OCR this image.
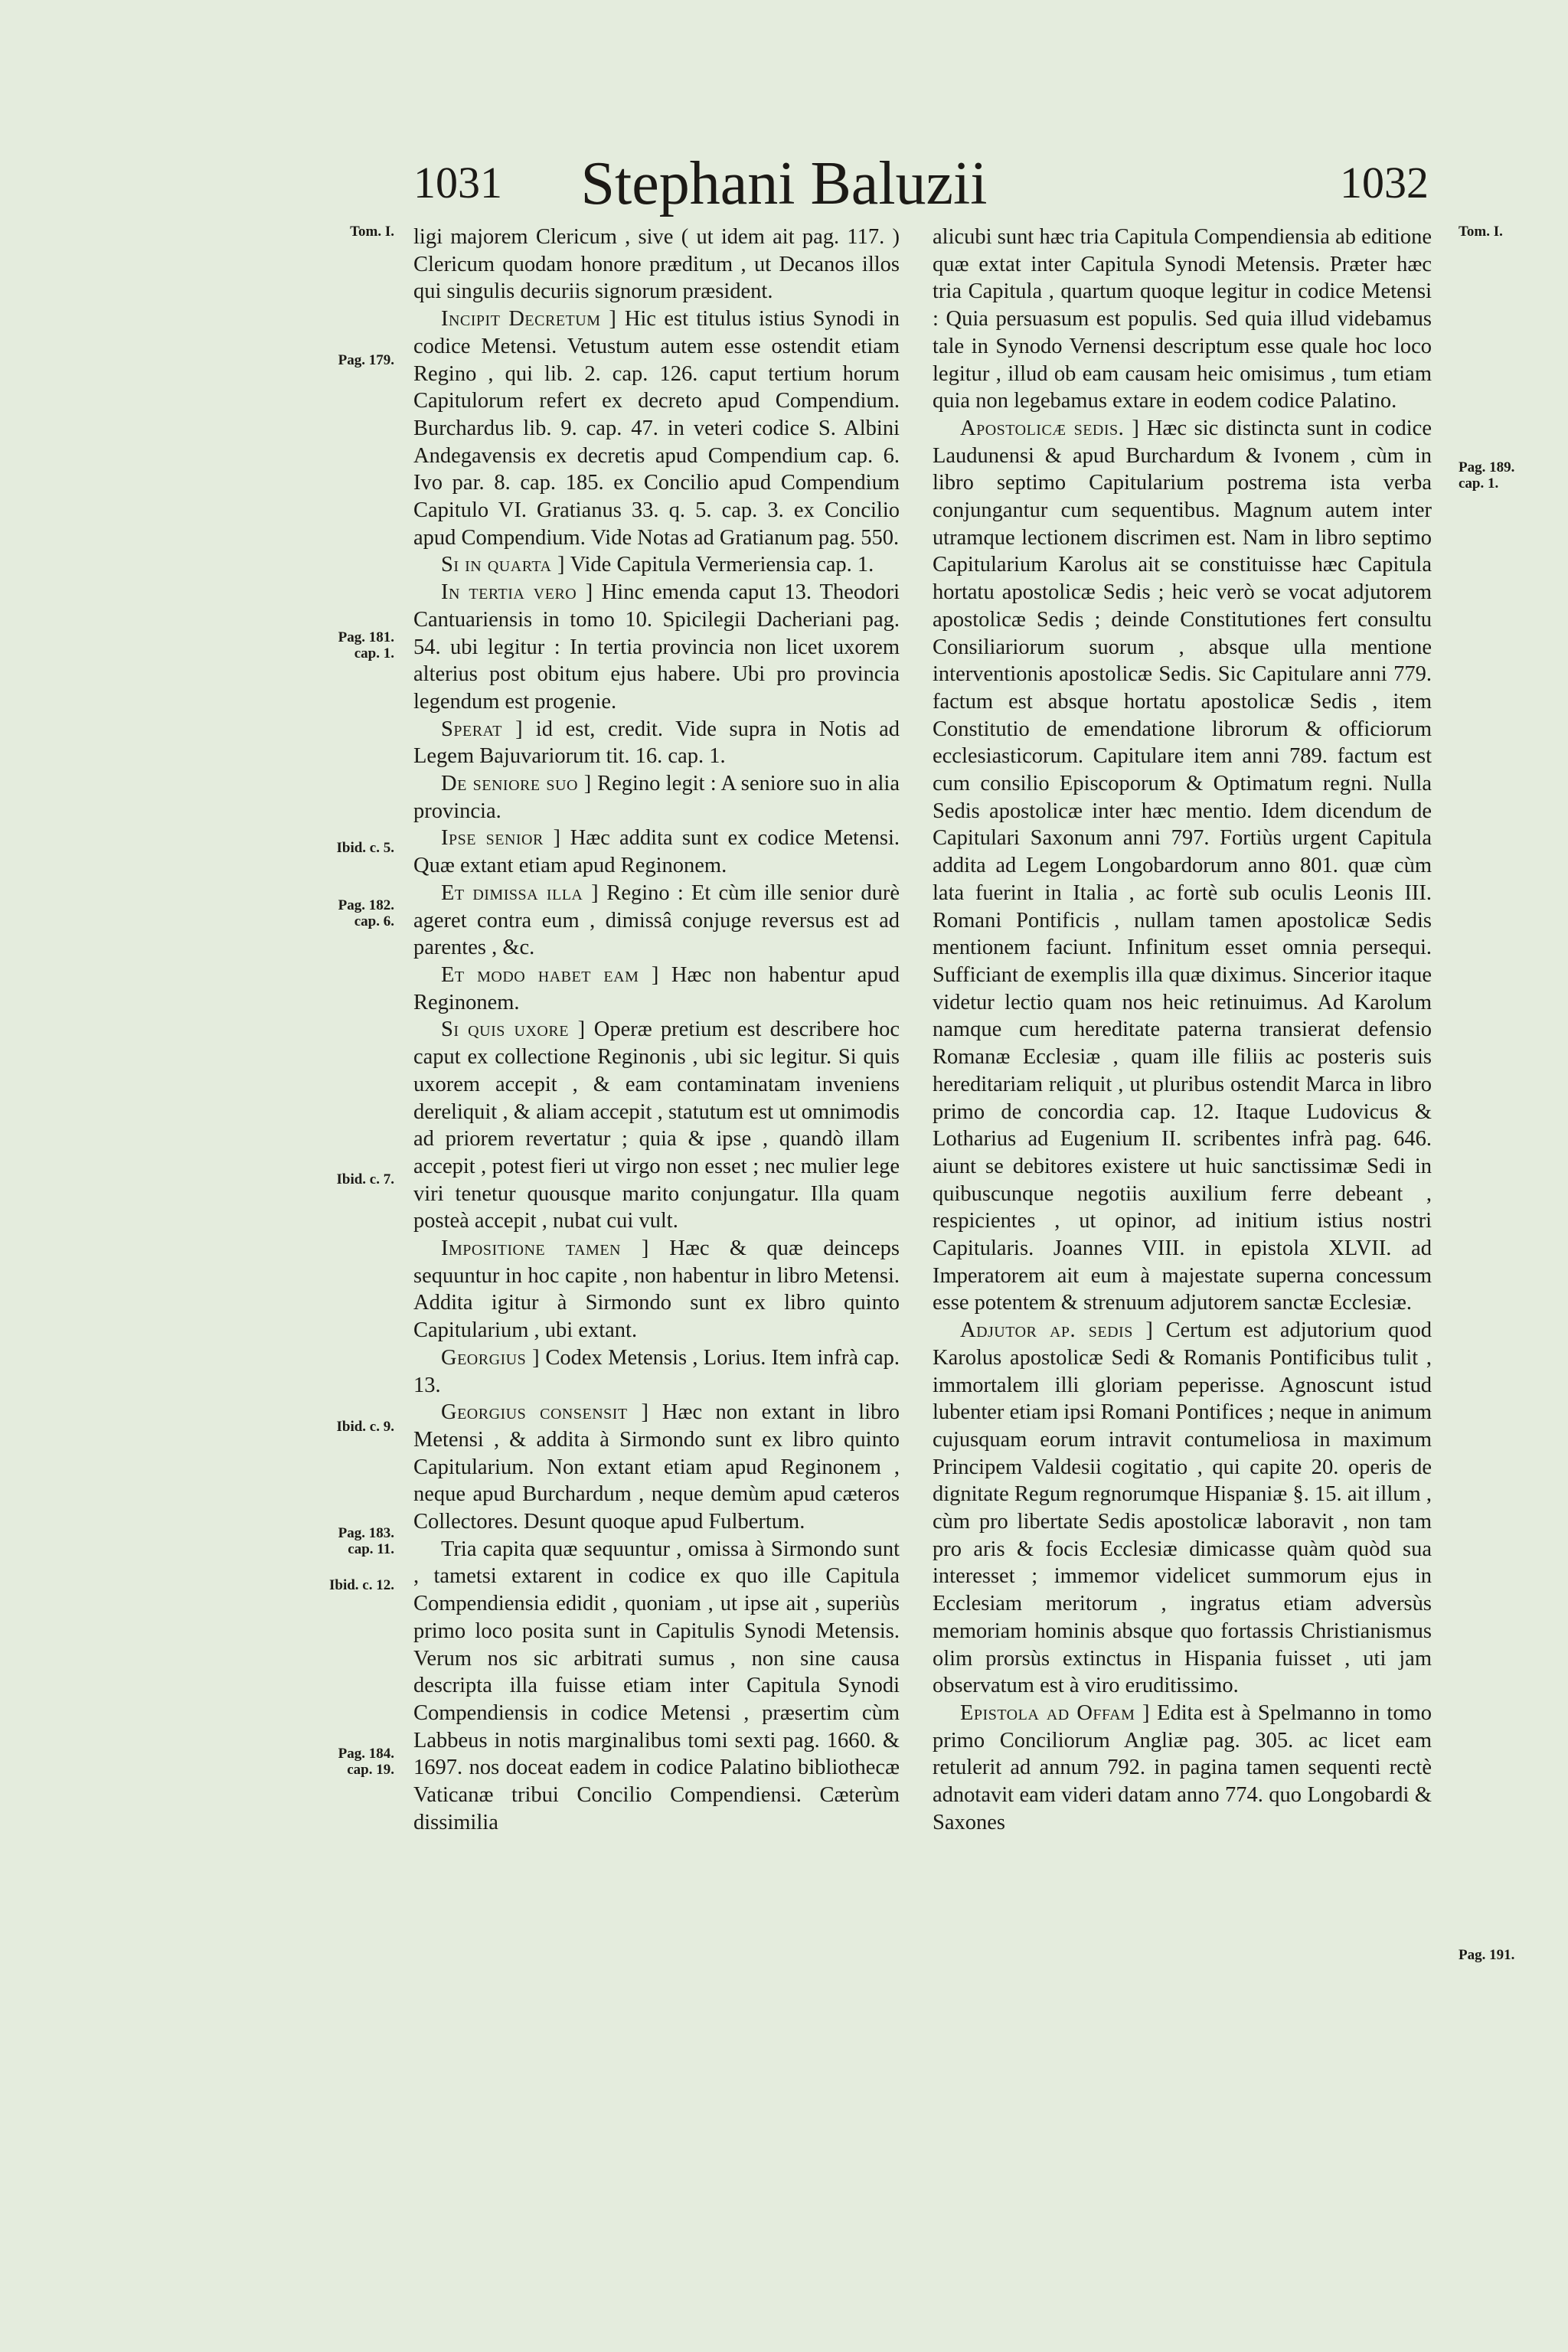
1031	Stephani Baluzii	1032
Tom. I.
Pag. 179.
Pag. 181.
cap. 1.
Ibid. c. 5.
Pag. 182.
cap. 6.
Ibid. c. 7.
Ibid. c. 9.
Pag. 183.
cap. 11.
Ibid. c. 12.
Pag. 184.
cap. 19.
Tom. I.
Pag. 189.
cap. 1.
Pag. 191.

ligi majorem Clericum , sive ( ut idem ait pag. 117. ) Clericum quodam honore præditum , ut Decanos illos qui singulis decuriis signorum præsident.

Incipit Decretum ] Hic est titulus istius Synodi in codice Metensi. Vetustum autem esse ostendit etiam Regino , qui lib. 2. cap. 126. caput tertium horum Capitulorum refert ex decreto apud Compendium. Burchardus lib. 9. cap. 47. in veteri codice S. Albini Andegavensis ex decretis apud Compendium cap. 6. Ivo par. 8. cap. 185. ex Concilio apud Compendium Capitulo VI. Gratianus 33. q. 5. cap. 3. ex Concilio apud Compendium. Vide Notas ad Gratianum pag. 550.

Si in quarta ] Vide Capitula Vermeriensia cap. 1.

In tertia vero ] Hinc emenda caput 13. Theodori Cantuariensis in tomo 10. Spicilegii Dacheriani pag. 54. ubi legitur : In tertia provincia non licet uxorem alterius post obitum ejus habere. Ubi pro provincia legendum est progenie.

Sperat ] id est, credit. Vide supra in Notis ad Legem Bajuvariorum tit. 16. cap. 1.

De seniore suo ] Regino legit : A seniore suo in alia provincia.

Ipse senior ] Hæc addita sunt ex codice Metensi. Quæ extant etiam apud Reginonem.

Et dimissa illa ] Regino : Et cùm ille senior durè ageret contra eum , dimissâ conjuge reversus est ad parentes , &c.

Et modo habet eam ] Hæc non habentur apud Reginonem.

Si quis uxore ] Operæ pretium est describere hoc caput ex collectione Reginonis , ubi sic legitur. Si quis uxorem accepit , & eam contaminatam inveniens dereliquit , & aliam accepit , statutum est ut omnimodis ad priorem revertatur ; quia & ipse , quandò illam accepit , potest fieri ut virgo non esset ; nec mulier lege viri tenetur quousque marito conjungatur. Illa quam posteà accepit , nubat cui vult.

Impositione tamen ] Hæc & quæ deinceps sequuntur in hoc capite , non habentur in libro Metensi. Addita igitur à Sirmondo sunt ex libro quinto Capitularium , ubi extant.

Georgius ] Codex Metensis , Lorius. Item infrà cap. 13.

Georgius consensit ] Hæc non extant in libro Metensi , & addita à Sirmondo sunt ex libro quinto Capitularium. Non extant etiam apud Reginonem , neque apud Burchardum , neque demùm apud cæteros Collectores. Desunt quoque apud Fulbertum.

Tria capita quæ sequuntur , omissa à Sirmondo sunt , tametsi extarent in codice ex quo ille Capitula Compendiensia edidit , quoniam , ut ipse ait , superiùs primo loco posita sunt in Capitulis Synodi Metensis. Verum nos sic arbitrati sumus , non sine causa descripta illa fuisse etiam inter Capitula Synodi Compendiensis in codice Metensi , præsertim cùm Labbeus in notis marginalibus tomi sexti pag. 1660. & 1697. nos doceat eadem in codice Palatino bibliothecæ Vaticanæ tribui Concilio Compendiensi. Cæterùm dissimilia

alicubi sunt hæc tria Capitula Compendiensia ab editione quæ extat inter Capitula Synodi Metensis. Præter hæc tria Capitula , quartum quoque legitur in codice Metensi : Quia persuasum est populis. Sed quia illud videbamus tale in Synodo Vernensi descriptum esse quale hoc loco legitur , illud ob eam causam heic omisimus , tum etiam quia non legebamus extare in eodem codice Palatino.

Apostolicæ sedis. ] Hæc sic distincta sunt in codice Laudunensi & apud Burchardum & Ivonem , cùm in libro septimo Capitularium postrema ista verba conjungantur cum sequentibus. Magnum autem inter utramque lectionem discrimen est. Nam in libro septimo Capitularium Karolus ait se constituisse hæc Capitula hortatu apostolicæ Sedis ; heic verò se vocat adjutorem apostolicæ Sedis ; deinde Constitutiones fert consultu Consiliariorum suorum , absque ulla mentione interventionis apostolicæ Sedis. Sic Capitulare anni 779. factum est absque hortatu apostolicæ Sedis , item Constitutio de emendatione librorum & officiorum ecclesiasticorum. Capitulare item anni 789. factum est cum consilio Episcoporum & Optimatum regni. Nulla Sedis apostolicæ inter hæc mentio. Idem dicendum de Capitulari Saxonum anni 797. Fortiùs urgent Capitula addita ad Legem Longobardorum anno 801. quæ cùm lata fuerint in Italia , ac fortè sub oculis Leonis III. Romani Pontificis , nullam tamen apostolicæ Sedis mentionem faciunt. Infinitum esset omnia persequi. Sufficiant de exemplis illa quæ diximus. Sincerior itaque videtur lectio quam nos heic retinuimus. Ad Karolum namque cum hereditate paterna transierat defensio Romanæ Ecclesiæ , quam ille filiis ac posteris suis hereditariam reliquit , ut pluribus ostendit Marca in libro primo de concordia cap. 12. Itaque Ludovicus & Lotharius ad Eugenium II. scribentes infrà pag. 646. aiunt se debitores existere ut huic sanctissimæ Sedi in quibuscunque negotiis auxilium ferre debeant , respicientes , ut opinor, ad initium istius nostri Capitularis. Joannes VIII. in epistola XLVII. ad Imperatorem ait eum à majestate superna concessum esse potentem & strenuum adjutorem sanctæ Ecclesiæ.

Adjutor ap. sedis ] Certum est adjutorium quod Karolus apostolicæ Sedi & Romanis Pontificibus tulit , immortalem illi gloriam peperisse. Agnoscunt istud lubenter etiam ipsi Romani Pontifices ; neque in animum cujusquam eorum intravit contumeliosa in maximum Principem Valdesii cogitatio , qui capite 20. operis de dignitate Regum regnorumque Hispaniæ §. 15. ait illum , cùm pro libertate Sedis apostolicæ laboravit , non tam pro aris & focis Ecclesiæ dimicasse quàm quòd sua interesset ; immemor videlicet summorum ejus in Ecclesiam meritorum , ingratus etiam adversùs memoriam hominis absque quo fortassis Christianismus olim prorsùs extinctus in Hispania fuisset , uti jam observatum est à viro eruditissimo.

Epistola ad Offam ] Edita est à Spelmanno in tomo primo Conciliorum Angliæ pag. 305. ac licet eam retulerit ad annum 792. in pagina tamen sequenti rectè adnotavit eam videri datam anno 774. quo Longobardi & Saxones
